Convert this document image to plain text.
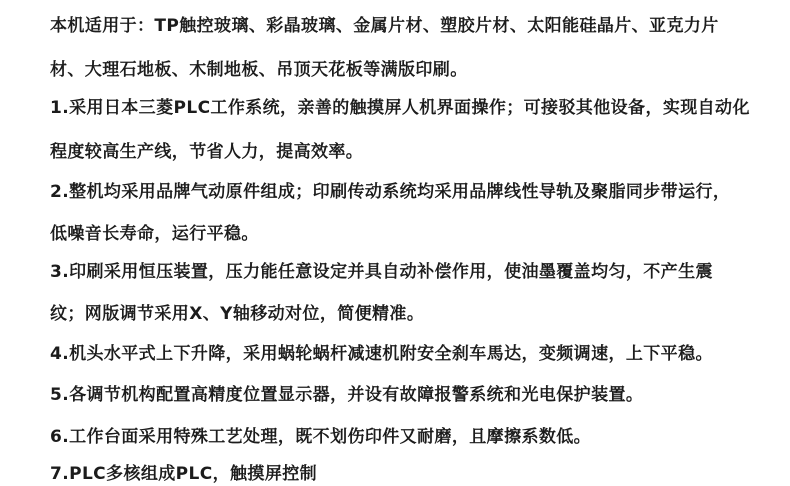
本机适用于：TP触控玻璃、彩晶玻璃、金属片材、塑胶片材、太阳能硅晶片、亚克力片
材、大理石地板、木制地板、吊顶天花板等满版印刷。
1.采用日本三菱PLC工作系统，亲善的触摸屏人机界面操作；可接驳其他设备，实现自动化
程度较高生产线，节省人力，提高效率。
2.整机均采用品牌气动原件组成；印刷传动系统均采用品牌线性导轨及聚脂同步带运行，
低噪音长寿命，运行平稳。
3.印刷采用恒压装置，压力能任意设定并具自动补偿作用，使油墨覆盖均匀，不产生震
纹；网版调节采用X、Y轴移动对位，简便精准。
4.机头水平式上下升降，采用蜗轮蜗杆减速机附安全刹车馬达，变频调速，上下平稳。
5.各调节机构配置高精度位置显示器，并设有故障报警系统和光电保护装置。
6.工作台面采用特殊工艺处理，既不划伤印件又耐磨，且摩擦系数低。
7.PLC多核组成PLC，触摸屏控制
